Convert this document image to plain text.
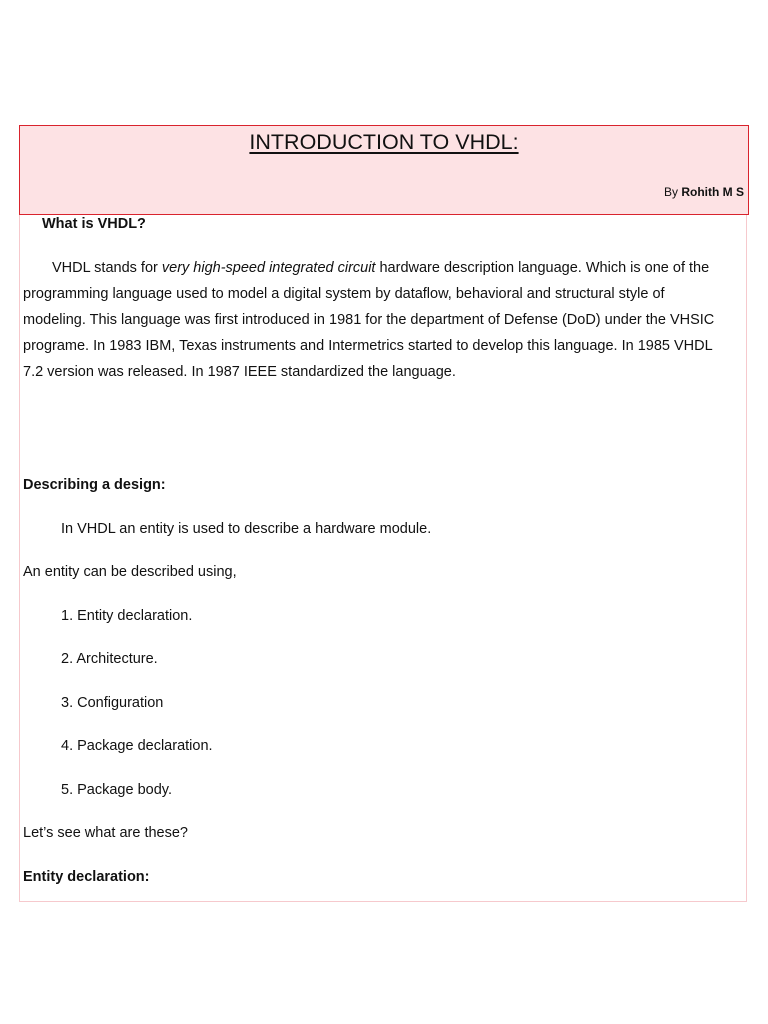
INTRODUCTION TO VHDL:
By Rohith M S
What is VHDL?
VHDL stands for very high-speed integrated circuit hardware description language. Which is one of the
programming language used to model a digital system by dataflow, behavioral and structural style of
modeling. This language was first introduced in 1981 for the department of Defense (DoD) under the VHSIC
programe. In 1983 IBM, Texas instruments and Intermetrics started to develop this language. In 1985 VHDL
7.2 version was released. In 1987 IEEE standardized the language.
Describing a design:
In VHDL an entity is used to describe a hardware module.
An entity can be described using,
1. Entity declaration.
2. Architecture.
3. Configuration
4. Package declaration.
5. Package body.
Let’s see what are these?
Entity declaration:
